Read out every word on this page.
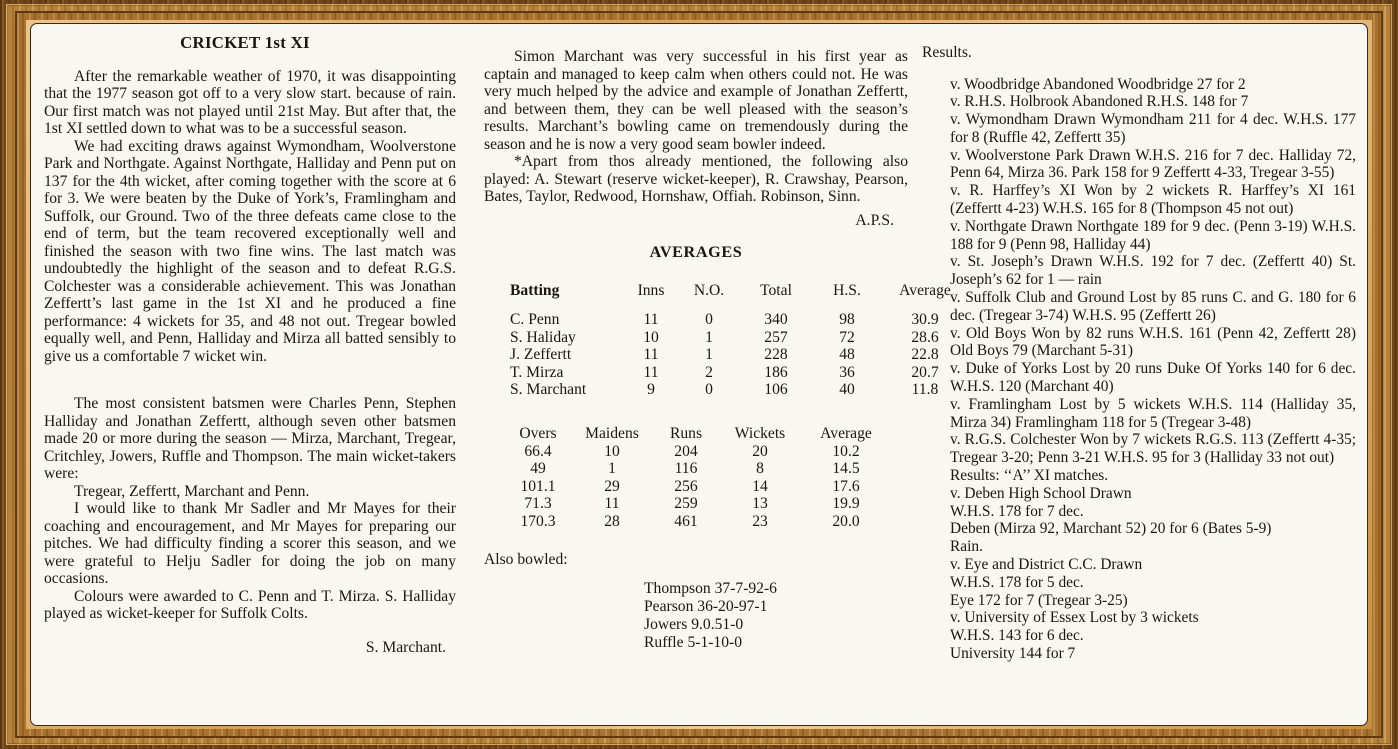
CRICKET 1st XI

After the remarkable weather of 1970, it was disappointing that the 1977 season got off to a very slow start. because of rain. Our first match was not played until 21st May. But after that, the 1st XI settled down to what was to be a successful season.

We had exciting draws against Wymondham, Woolverstone Park and Northgate. Against Northgate, Halliday and Penn put on 137 for the 4th wicket, after coming together with the score at 6 for 3. We were beaten by the Duke of York’s, Framlingham and Suffolk, our Ground. Two of the three defeats came close to the end of term, but the team recovered exceptionally well and finished the season with two fine wins. The last match was undoubtedly the highlight of the season and to defeat R.G.S. Colchester was a considerable achievement. This was Jonathan Zeffertt’s last game in the 1st XI and he produced a fine performance: 4 wickets for 35, and 48 not out. Tregear bowled equally well, and Penn, Halliday and Mirza all batted sensibly to give us a comfortable 7 wicket win.

The most consistent batsmen were Charles Penn, Stephen Halliday and Jonathan Zeffertt, although seven other batsmen made 20 or more during the season — Mirza, Marchant, Tregear, Critchley, Jowers, Ruffle and Thompson. The main wicket-takers were:

Tregear, Zeffertt, Marchant and Penn.

I would like to thank Mr Sadler and Mr Mayes for their coaching and encouragement, and Mr Mayes for preparing our pitches. We had difficulty finding a scorer this season, and we were grateful to Helju Sadler for doing the job on many occasions.

Colours were awarded to C. Penn and T. Mirza. S. Halliday played as wicket-keeper for Suffolk Colts.

S. Marchant.

Simon Marchant was very successful in his first year as captain and managed to keep calm when others could not. He was very much helped by the advice and example of Jonathan Zeffertt, and between them, they can be well pleased with the season’s results. Marchant’s bowling came on tremendously during the season and he is now a very good seam bowler indeed.

*Apart from thos already mentioned, the following also played: A. Stewart (reserve wicket-keeper), R. Crawshay, Pearson, Bates, Taylor, Redwood, Hornshaw, Offiah. Robinson, Sinn.

A.P.S.

AVERAGES
Batting	Inns	N.O.	Total	H.S.	Average
C. Penn	11	0	340	98	30.9
S. Haliday	10	1	257	72	28.6
J. Zeffertt	11	1	228	48	22.8
T. Mirza	11	2	186	36	20.7
S. Marchant	9	0	106	40	11.8
Overs	Maidens	Runs	Wickets	Average
66.4	10	204	20	10.2
49	1	116	8	14.5
101.1	29	256	14	17.6
71.3	11	259	13	19.9
170.3	28	461	23	20.0

Also bowled:

Thompson 37-7-92-6
Pearson 36-20-97-1
Jowers 9.0.51-0
Ruffle 5-1-10-0

Results.

v. Woodbridge Abandoned Woodbridge 27 for 2
v. R.H.S. Holbrook Abandoned R.H.S. 148 for 7
v. Wymondham Drawn Wymondham 211 for 4 dec. W.H.S. 177 for 8 (Ruffle 42, Zeffertt 35)
v. Woolverstone Park Drawn W.H.S. 216 for 7 dec. Halliday 72, Penn 64, Mirza 36. Park 158 for 9 Zeffertt 4-33, Tregear 3-55)
v. R. Harffey’s XI Won by 2 wickets R. Harffey’s XI 161 (Zeffertt 4-23) W.H.S. 165 for 8 (Thompson 45 not out)
v. Northgate Drawn Northgate 189 for 9 dec. (Penn 3-19) W.H.S. 188 for 9 (Penn 98, Halliday 44)
v. St. Joseph’s Drawn W.H.S. 192 for 7 dec. (Zeffertt 40) St. Joseph’s 62 for 1 — rain
v. Suffolk Club and Ground Lost by 85 runs C. and G. 180 for 6 dec. (Tregear 3-74) W.H.S. 95 (Zeffertt 26)
v. Old Boys Won by 82 runs W.H.S. 161 (Penn 42, Zeffertt 28) Old Boys 79 (Marchant 5-31)
v. Duke of Yorks Lost by 20 runs Duke Of Yorks 140 for 6 dec. W.H.S. 120 (Marchant 40)
v. Framlingham Lost by 5 wickets W.H.S. 114 (Halliday 35, Mirza 34) Framlingham 118 for 5 (Tregear 3-48)
v. R.G.S. Colchester Won by 7 wickets R.G.S. 113 (Zeffertt 4-35; Tregear 3-20; Penn 3-21 W.H.S. 95 for 3 (Halliday 33 not out)
Results: ‘‘A’’ XI matches.
v. Deben High School Drawn
W.H.S. 178 for 7 dec.
Deben (Mirza 92, Marchant 52) 20 for 6 (Bates 5-9)
Rain.
v. Eye and District C.C. Drawn
W.H.S. 178 for 5 dec.
Eye 172 for 7 (Tregear 3-25)
v. University of Essex Lost by 3 wickets
W.H.S. 143 for 6 dec.
University 144 for 7
